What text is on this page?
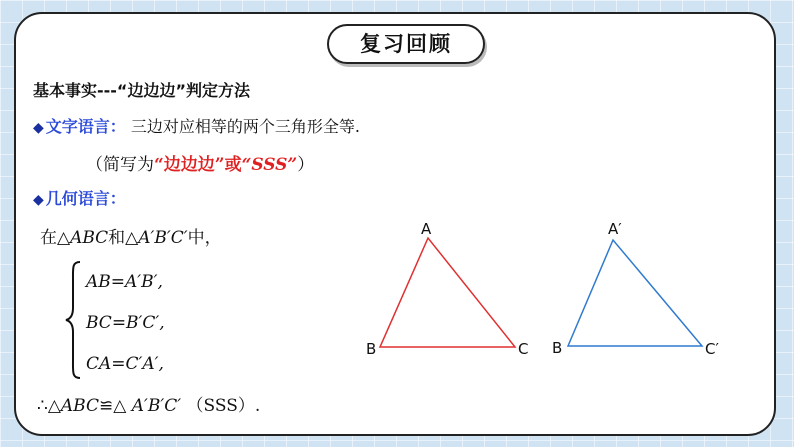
复习回顾
基本事实---“边边边”判定方法
◆ 文字语言： 三边对应相等的两个三角形全等.
（简写为“边边边”或“SSS”）
◆ 几何语言：
在△ABC和△A′B′C′中，
AB=A′B′,
BC=B′C′,
CA=C′A′,
∴△ABC≌△ A′B′C′ （SSS）.
A
B	C
A′
B	C′
